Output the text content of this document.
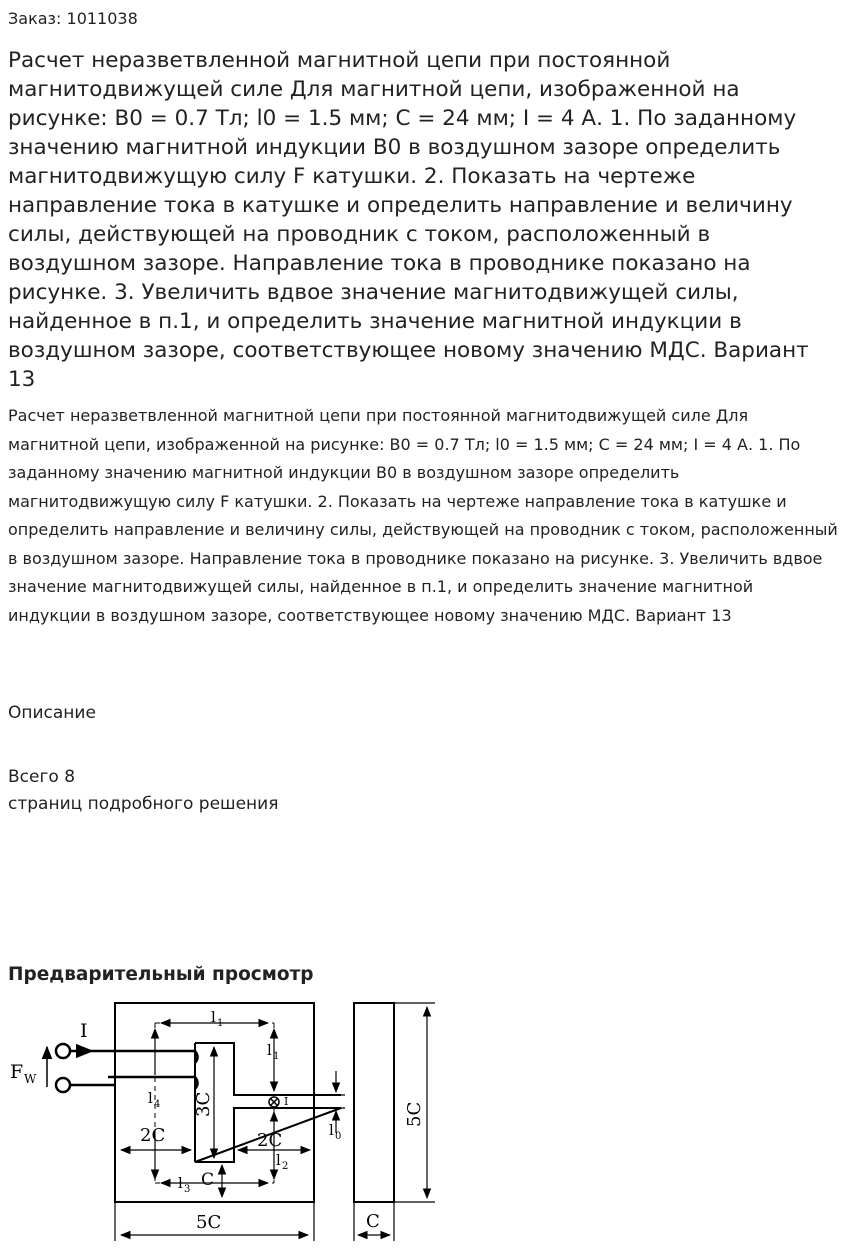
Заказ: 1011038
Расчет неразветвленной магнитной цепи при постоянной магнитодвижущей силе Для магнитной цепи, изображенной на рисунке: B0 = 0.7 Тл; l0 = 1.5 мм; C = 24 мм; I = 4 А. 1. По заданному значению магнитной индукции B0 в воздушном зазоре определить магнитодвижущую силу F катушки. 2. Показать на чертеже направление тока в катушке и определить направление и величину силы, действующей на проводник с током, расположенный в воздушном зазоре. Направление тока в проводнике показано на рисунке. 3. Увеличить вдвое значение магнитодвижущей силы, найденное в п.1, и определить значение магнитной индукции в воздушном зазоре, соответствующее новому значению МДС. Вариант 13

Расчет неразветвленной магнитной цепи при постоянной магнитодвижущей силе Для магнитной цепи, изображенной на рисунке: B0 = 0.7 Тл; l0 = 1.5 мм; C = 24 мм; I = 4 А. 1. По заданному значению магнитной индукции B0 в воздушном зазоре определить магнитодвижущую силу F катушки. 2. Показать на чертеже направление тока в катушке и определить направление и величину силы, действующей на проводник с током, расположенный в воздушном зазоре. Направление тока в проводнике показано на рисунке. 3. Увеличить вдвое значение магнитодвижущей силы, найденное в п.1, и определить значение магнитной индукции в воздушном зазоре, соответствующее новому значению МДС. Вариант 13

Описание
Всего 8
страниц подробного решения
Предварительный просмотр
I
F W
l 1
l 1
l 4
l 2
l 3
l 0
2C	2C
3C
C
5C
5C
C
I
